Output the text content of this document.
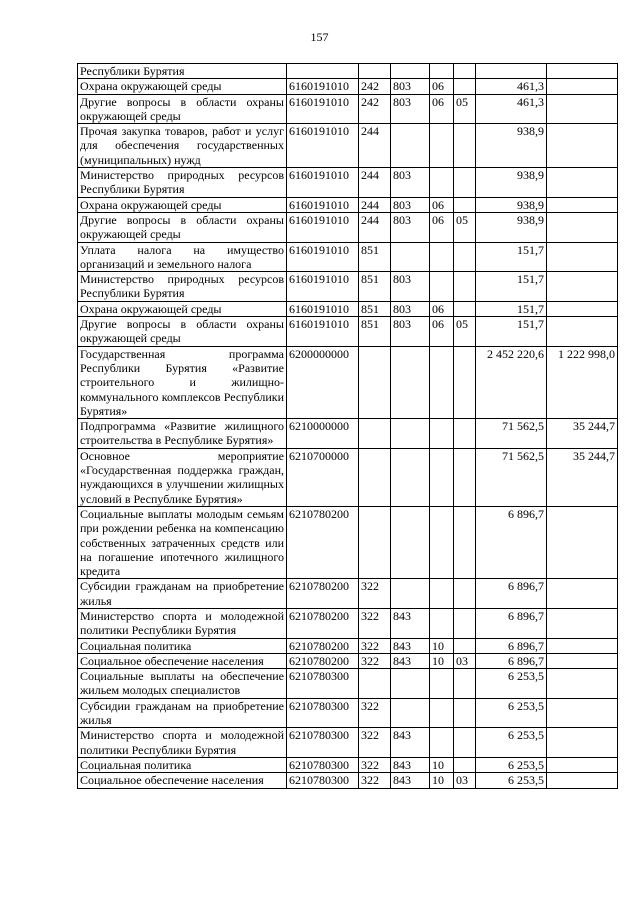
157
Республики Бурятия							
Охрана окружающей среды	6160191010	242	803	06		461,3	
Другие вопросы в области охраны окружающей среды	6160191010	242	803	06	05	461,3	
Прочая закупка товаров, работ и услуг для обеспечения государственных (муниципальных) нужд	6160191010	244				938,9	
Министерство природных ресурсов Республики Бурятия	6160191010	244	803			938,9	
Охрана окружающей среды	6160191010	244	803	06		938,9	
Другие вопросы в области охраны окружающей среды	6160191010	244	803	06	05	938,9	
Уплата налога на имущество организаций и земельного налога	6160191010	851				151,7	
Министерство природных ресурсов Республики Бурятия	6160191010	851	803			151,7	
Охрана окружающей среды	6160191010	851	803	06		151,7	
Другие вопросы в области охраны окружающей среды	6160191010	851	803	06	05	151,7	
Государственная программа Республики Бурятия «Развитие строительного и жилищно-коммунального комплексов Республики Бурятия»	6200000000					2 452 220,6	1 222 998,0
Подпрограмма «Развитие жилищного строительства в Республике Бурятия»	6210000000					71 562,5	35 244,7
Основное мероприятие «Государственная поддержка граждан, нуждающихся в улучшении жилищных условий в Республике Бурятия»	6210700000					71 562,5	35 244,7
Социальные выплаты молодым семьям при рождении ребенка на компенсацию собственных затраченных средств или на погашение ипотечного жилищного кредита	6210780200					6 896,7	
Субсидии гражданам на приобретение жилья	6210780200	322				6 896,7	
Министерство спорта и молодежной политики Республики Бурятия	6210780200	322	843			6 896,7	
Социальная политика	6210780200	322	843	10		6 896,7	
Социальное обеспечение населения	6210780200	322	843	10	03	6 896,7	
Социальные выплаты на обеспечение жильем молодых специалистов	6210780300					6 253,5	
Субсидии гражданам на приобретение жилья	6210780300	322				6 253,5	
Министерство спорта и молодежной политики Республики Бурятия	6210780300	322	843			6 253,5	
Социальная политика	6210780300	322	843	10		6 253,5	
Социальное обеспечение населения	6210780300	322	843	10	03	6 253,5	
